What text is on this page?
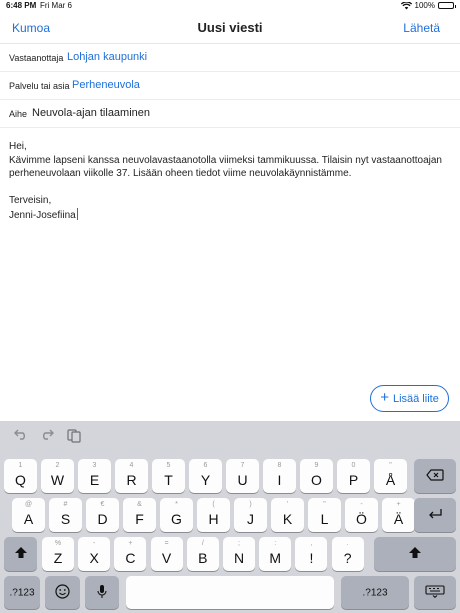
6:48 PM Fri Mar 6	100%
Kumoa	Uusi viesti	Lähetä
Vastaanottaja Lohjan kaupunki
Palvelu tai asia Perheneuvola
Aihe Neuvola-ajan tilaaminen

Hei,

Kävimme lapseni kanssa neuvolavastaanotolla viimeksi tammikuussa. Tilaisin nyt vastaanottoajan

perheneuvolaan viikolle 37. Lisään oheen tiedot viime neuvolakäynnistämme.

Terveisin,

Jenni-Josefiina

+ Lisää liite
1
Q
2
W
3
E
4
R
5
T
6
Y
7
U
8
I
9
O
0
P
"
Å
@
A
#
S
€
D
&
F
*
G
(
H
)
J
'
K
"
L
-
Ö
+
Ä
%
Z
-
X
+
C
=
V
/
B
;
N
:
M
,
!
.
?
.?123	.?123
